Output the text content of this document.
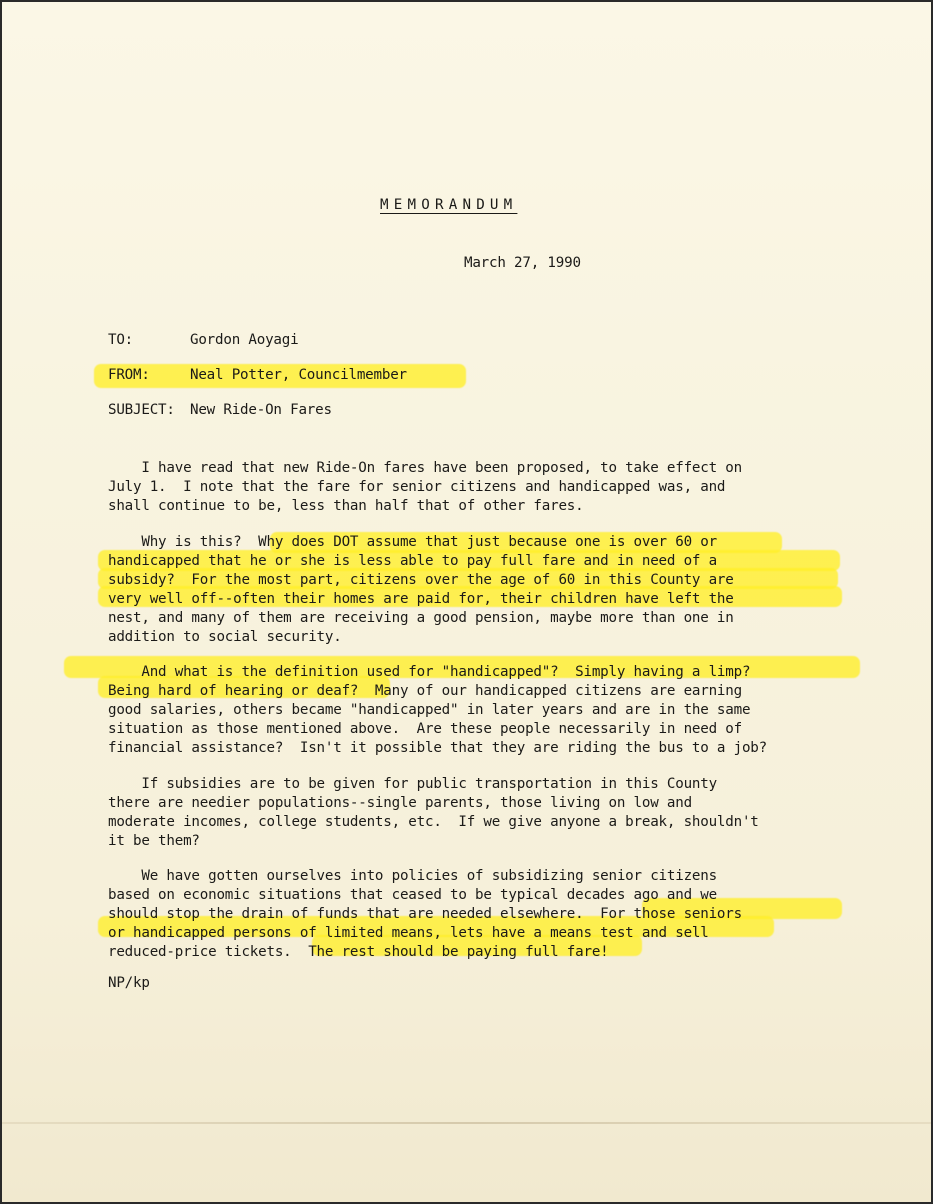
MEMORANDUM
March 27, 1990
TO:	Gordon Aoyagi
FROM:	Neal Potter, Councilmember
SUBJECT: New Ride-On Fares
I have read that new Ride-On fares have been proposed, to take effect on
July 1.  I note that the fare for senior citizens and handicapped was, and
shall continue to be, less than half that of other fares.
Why is this?  Why does DOT assume that just because one is over 60 or
handicapped that he or she is less able to pay full fare and in need of a
subsidy?  For the most part, citizens over the age of 60 in this County are
very well off--often their homes are paid for, their children have left the
nest, and many of them are receiving a good pension, maybe more than one in
addition to social security.
And what is the definition used for "handicapped"?  Simply having a limp?
Being hard of hearing or deaf?  Many of our handicapped citizens are earning
good salaries, others became "handicapped" in later years and are in the same
situation as those mentioned above.  Are these people necessarily in need of
financial assistance?  Isn't it possible that they are riding the bus to a job?
If subsidies are to be given for public transportation in this County
there are needier populations--single parents, those living on low and
moderate incomes, college students, etc.  If we give anyone a break, shouldn't
it be them?
We have gotten ourselves into policies of subsidizing senior citizens
based on economic situations that ceased to be typical decades ago and we
should stop the drain of funds that are needed elsewhere.  For those seniors
or handicapped persons of limited means, lets have a means test and sell
reduced-price tickets.  The rest should be paying full fare!
NP/kp
